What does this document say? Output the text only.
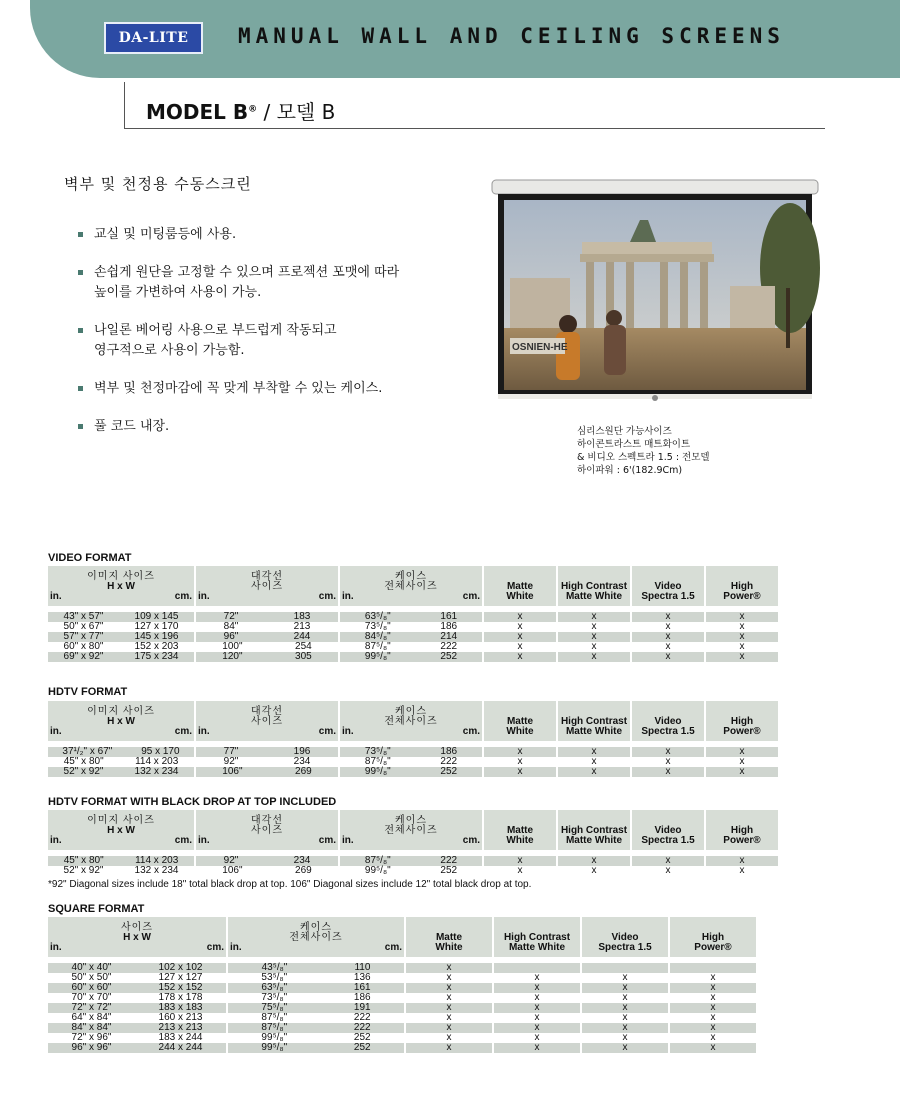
DA-LITE	MANUAL WALL AND CEILING SCREENS
MODEL B® / 모델 B
벽부 및 천정용 수동스크린
교실 및 미팅룸등에 사용.
손쉽게 원단을 고정할 수 있으며 프로젝션 포맷에 따라
높이를 가변하여 사용이 가능.
나일론 베어링 사용으로 부드럽게 작동되고
영구적으로 사용이 가능함.
벽부 및 천정마감에 꼭 맞게 부착할 수 있는 케이스.
풀 코드 내장.
OSNIEN-HE
심리스원단 가능사이즈
하이콘트라스트 매트화이트
& 비디오 스펙트라 1.5 : 전모델
하이파워 : 6'(182.9Cm)
VIDEO FORMAT
이미지 사이즈
H x W
in. cm.	대각선
사이즈
in. cm.	케이스
전체사이즈
in. cm.	Matte
White	High Contrast
Matte White	Video
Spectra 1.5	High
Power®

43" x 57" 109 x 145	72" 183	63⁵/₈" 161	x	x	x	x

50" x 67" 127 x 170	84" 213	73⁵/₈" 186	x	x	x	x

57" x 77" 145 x 196	96" 244	84⁵/₈" 214	x	x	x	x

60" x 80" 152 x 203	100" 254	87⁵/₈" 222	x	x	x	x

69" x 92" 175 x 234	120" 305	99⁵/₈" 252	x	x	x	x
HDTV FORMAT
이미지 사이즈
H x W
in. cm.	대각선
사이즈
in. cm.	케이스
전체사이즈
in. cm.	Matte
White	High Contrast
Matte White	Video
Spectra 1.5	High
Power®

37¹/₂" x 67" 95 x 170	77" 196	73⁵/₈" 186	x	x	x	x

45" x 80" 114 x 203	92" 234	87⁵/₈" 222	x	x	x	x

52" x 92" 132 x 234	106" 269	99⁵/₈" 252	x	x	x	x
HDTV FORMAT WITH BLACK DROP AT TOP INCLUDED
이미지 사이즈
H x W
in. cm.	대각선
사이즈
in. cm.	케이스
전체사이즈
in. cm.	Matte
White	High Contrast
Matte White	Video
Spectra 1.5	High
Power®

45" x 80" 114 x 203	92" 234	87⁵/₈" 222	x	x	x	x

52" x 92" 132 x 234	106" 269	99⁵/₈" 252	x	x	x	x
*92" Diagonal sizes include 18" total black drop at top. 106" Diagonal sizes include 12" total black drop at top.
SQUARE FORMAT
사이즈
H x W
in. cm.	케이스
전체사이즈
in. cm.	Matte
White	High Contrast
Matte White	Video
Spectra 1.5	High
Power®

40" x 40" 102 x 102	43⁵/₈" 110	x			

50" x 50" 127 x 127	53⁵/₈" 136	x	x	x	x

60" x 60" 152 x 152	63⁵/₈" 161	x	x	x	x

70" x 70" 178 x 178	73⁵/₈" 186	x	x	x	x

72" x 72" 183 x 183	75⁵/₈" 191	x	x	x	x

64" x 84" 160 x 213	87⁵/₈" 222	x	x	x	x

84" x 84" 213 x 213	87⁵/₈" 222	x	x	x	x

72" x 96" 183 x 244	99⁵/₈" 252	x	x	x	x

96" x 96" 244 x 244	99⁵/₈" 252	x	x	x	x
